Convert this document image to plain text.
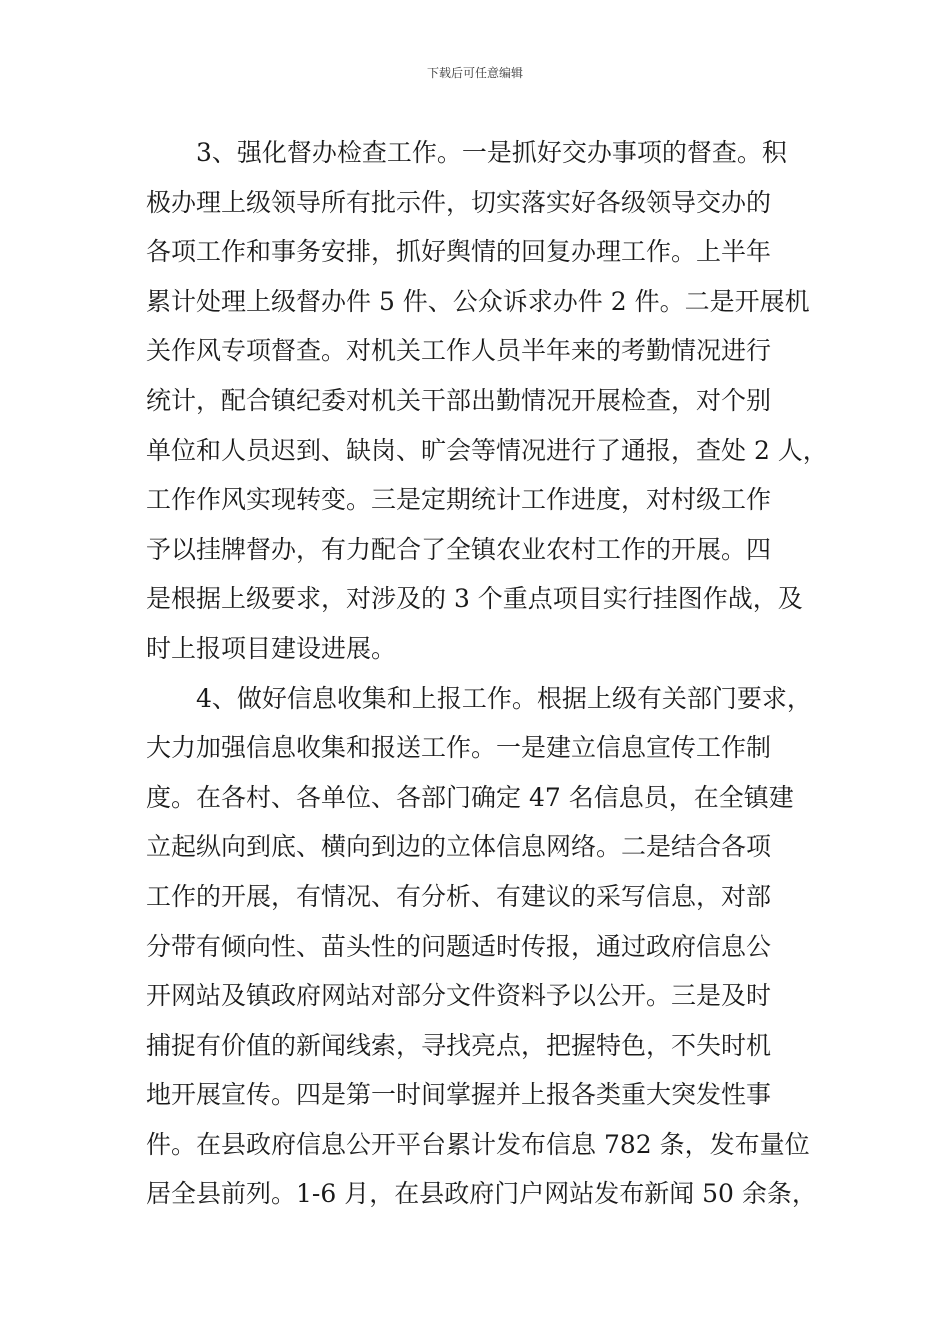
下载后可任意编辑
3、强化督办检查工作。一是抓好交办事项的督查。积
极办理上级领导所有批示件，切实落实好各级领导交办的
各项工作和事务安排，抓好舆情的回复办理工作。上半年
累计处理上级督办件 5 件、公众诉求办件 2 件。二是开展机
关作风专项督查。对机关工作人员半年来的考勤情况进行
统计，配合镇纪委对机关干部出勤情况开展检查，对个别
单位和人员迟到、缺岗、旷会等情况进行了通报，查处 2 人，
工作作风实现转变。三是定期统计工作进度，对村级工作
予以挂牌督办，有力配合了全镇农业农村工作的开展。四
是根据上级要求，对涉及的 3 个重点项目实行挂图作战，及
时上报项目建设进展。
4、做好信息收集和上报工作。根据上级有关部门要求，
大力加强信息收集和报送工作。一是建立信息宣传工作制
度。在各村、各单位、各部门确定 47 名信息员，在全镇建
立起纵向到底、横向到边的立体信息网络。二是结合各项
工作的开展，有情况、有分析、有建议的采写信息，对部
分带有倾向性、苗头性的问题适时传报，通过政府信息公
开网站及镇政府网站对部分文件资料予以公开。三是及时
捕捉有价值的新闻线索，寻找亮点，把握特色，不失时机
地开展宣传。四是第一时间掌握并上报各类重大突发性事
件。在县政府信息公开平台累计发布信息 782 条，发布量位
居全县前列。1-6 月，在县政府门户网站发布新闻 50 余条，
